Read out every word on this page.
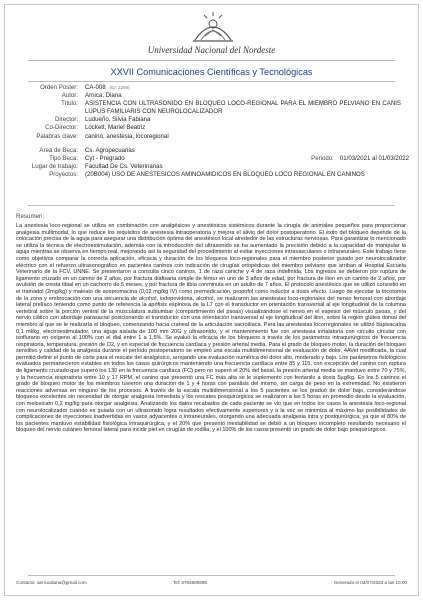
Universidad Nacional del Nordeste
XXVII Comunicaciones Científicas y Tecnológicas
Orden Poster:	CA-008 (ID: 2266)
Autor:	Arnica, Diana
Título:	ASISTENCIA CON ULTRASONIDO EN BLOQUEO LOCO-REGIONAL PARA EL MIEMBRO PELVIANO EN CANIS LUPUS FAMILIARIS CON NEUROLOCALIZADOR
Director:	Ludueño, Silvia Fabiana
Co-Director:	Lockett, Mariel Beatriz
Palabras clave:	canino, anestesia, locoregional
Area de Beca:	Cs. Agropecuarias
Tipo Beca:	Cyt - Pregrado	Periodo: 01/03/2021 al 01/03/2022
Lugar de trabajo:	Facultad De Cs. Veterinarias
Proyectos:	(20B004) USO DE ANESTESICOS AMINOAMIDICOS EN BLOQUEO LOCO REGIONAL EN CANINOS
Resumen:
La anestesia loco-regional se utiliza en combinación con analgésicos y anestésicos sistémicos durante la cirugía de animales pequeños para proporcionar analgesia multimodal, lo que reduce los requisitos de anestesia intraoperatoria y mejora el alivio del dolor postoperatorio. El éxito del bloqueo depende de la colocación precisa de la aguja para asegurar una distribución óptima del anestésico local alrededor de las estructuras nerviosas. Para garantizar lo mencionado se utiliza la técnica de electroestimulación, además con la introducción del ultrasonido se ha aumentado la precisión debido a la capacidad de manipular la aguja mientras se observa en tiempo real, mejorando así la seguridad del procedimiento al evitar inyecciones intravasculares o intraneurales. Este trabajo tiene como objetivos comparar la correcta aplicación, eficacia y duración de los bloqueos loco-regionales para el miembro posterior guiado por neurolocalizador eléctrico con el refuerzo ultrasonográfico en pacientes caninos con indicación de cirugías ortopédicas del miembro pelviano que arriban al Hospital Escuela Veterinario de la FCV, UNNE. Se presentaron a consulta cinco caninos, 1 de raza caniche y 4 de raza indefinida. Los ingresos se debieron por ruptura de ligamento cruzado en un canino de 2 años, por fractura diafisaria simple de fémur en uno de 3 años de edad, por fractura de ilion en un canino de 2 años, por avulsión de cresta tibial en un cachorro de 5 meses, y por fractura de tibia conminuta en un adulto de 7 años. El protocolo anestésico que se utilizó consistió en el tramadol (2mg/kg) y maleato de acepromacina (0,02 mg/kg IV) como premedicación, propofol como inductor a dosis efecto. Luego de ejecutar la tricotomía de la zona y embrocación con una secuencia de alcohol, iodopovidona, alcohol, se realizaron las anestesias loco-regionales del nervio femoral con abordaje lateral prelíaco teniendo como punto de referencia la apófisis espinosa de la L7 con el transductor en orientación transversal al eje longitudinal de la columna vertebral sobre la porción ventral de la musculatura sublumbar (compartimiento del psoas) visualizándose el nervio en el espesor del músculo psoas, y del nervio ciático con abordaje parasacral posicionando el transductor con una orientación transversal al eje longitudinal del ilion, sobre la región glútea dorsal del miembro al que se le realizaría el bloqueo, comenzando hacia craneal de la articulación sacroilíaca. Para las anestesias locorregionales se utilizó bupivacaína 0,1 ml/kg, electroestimulador, una aguja aislada de 100 mm 20G y ultrasonido, y el mantenimiento fue con anestesia inhalatoria con circuito circular con isoflurano en oxígeno al 100% con el dial entre 1 a 1,5%. Se evaluó la eficacia de los bloqueos a través de los parámetros intraquirúrgicos de frecuencia respiratoria, temperatura, presión de O2, y en especial de frecuencia cardíaca y presión arterial media. Para el grado de bloqueo motor, la duración del bloqueo sensitivo y calidad de la analgesia durante el período postoperatorio se empleó una escala multidimensional de evaluación de dolor, 4AVet modificada, la cual permitió definir el punto de corte para el rescate del analgésico, arrojando una evaluación numérica del dolor alto, moderado y bajo. Los parámetros fisiológicos evaluados permanecieron estables en todos los casos quirúrgicos manteniendo una frecuencia cardíaca entre 85 y 115, con excepción del canino con ruptura de ligamento cruzado que superó los 130 en la frecuencia cardíaca (FC) pero no superó el 20% del basal, la presión arterial media se mantuvo entre 70 y 75%, y la frecuencia respiratoria entre 10 y 17 RPM, el canino que presentó una FC más alta se le suplemento con fentanilo a dosis 5µg/kg. En los 5 caninos el grado de bloqueo motor de los miembros tuvieron una duración de 1 y 4 horas con parálisis del mismo, sin carga de peso en la extremidad. No existieron reacciones adversas en ninguno de los procesos. A través de la escala multidimensional a los 5 pacientes se los graduó de dolor bajo, considerándose bloqueos excelentes sin necesidad de otorgar analgesia inmediata y los rescates posquirúrgicos se realizaron a las 5 horas en promedio desde la evaluación, con meloxicam 0,2 mg/kg para otorgar analgesia. Analizando los datos recabados de cada paciente se vio que en todos los casos la anestesia loco-regional con neurolocalizador cuando es guiada con un ultrasonido logra resultados efectivamente superiores y a la vez se minimiza al máximo las posibilidades de complicaciones de inyecciones inadvertidas en vasos adyacentes o intraneurales, otorgando una adecuada analgesia intra y postquirúrgica, ya que el 80% de los pacientes mantuvo estabilidad fisiológica intraquirúrgica, y el 20% que presentó inestabilidad se debió a un bloqueo incompleto resultando necesario el bloqueo del nervio cutáneo femoral lateral para incidir piel en cirugías de rodilla, y el 100% de los casos presentó un grado de dolor bajo posquirúrgicos.
Contacto: aerrucdiana@gmail.com	Tel: 3794585686	Generado el 03/07/2023 a las 10:00
